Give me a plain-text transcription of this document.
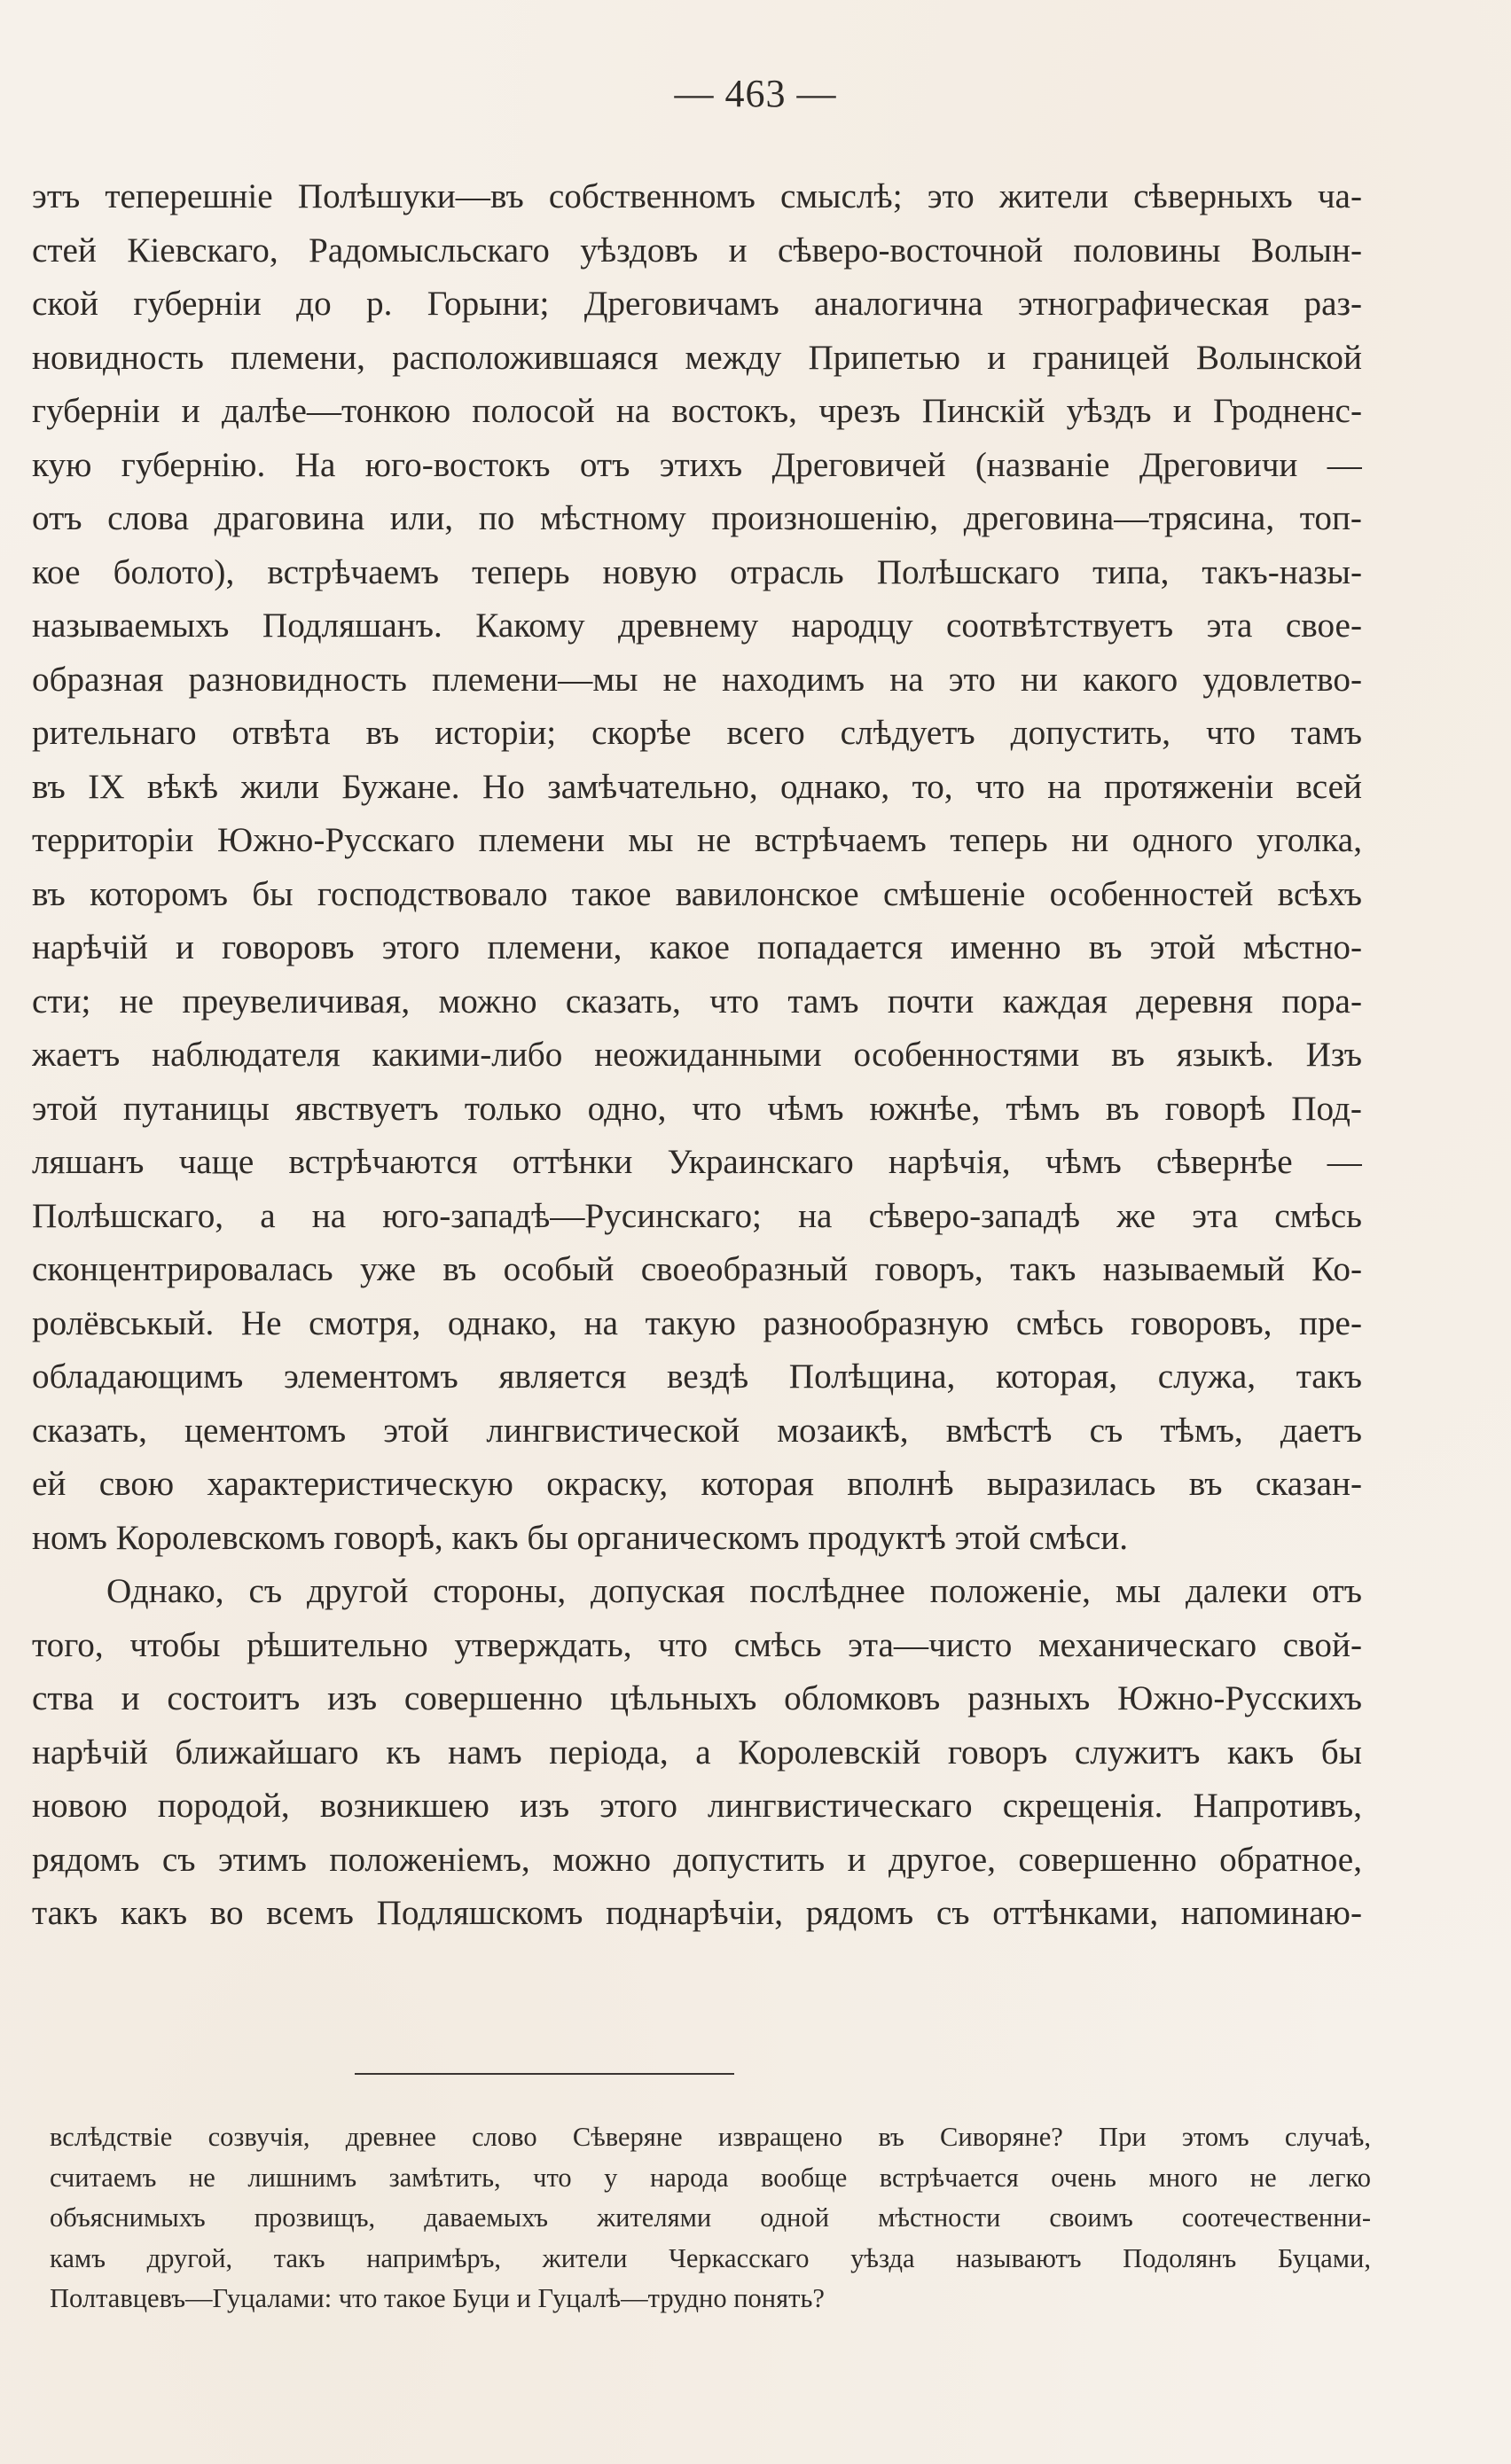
— 463 —
этъ теперешніе Полѣшуки—въ собственномъ смыслѣ; это жители сѣверныхъ ча-
стей Кіевскаго, Радомысльскаго уѣздовъ и сѣверо-восточной половины Волын-
ской губерніи до р. Горыни; Дреговичамъ аналогична этнографическая раз-
новидность племени, расположившаяся между Припетью и границей Волынской
губерніи и далѣе—тонкою полосой на востокъ, чрезъ Пинскій уѣздъ и Гродненс-
кую губернію. На юго-востокъ отъ этихъ Дреговичей (названіе Дреговичи —
отъ слова драговина или, по мѣстному произношенію, дреговина—трясина, топ-
кое болото), встрѣчаемъ теперь новую отрасль Полѣшскаго типа, такъ-назы-
называемыхъ Подляшанъ. Какому древнему народцу соотвѣтствуетъ эта свое-
образная разновидность племени—мы не находимъ на это ни какого удовлетво-
рительнаго отвѣта въ исторіи; скорѣе всего слѣдуетъ допустить, что тамъ
въ IX вѣкѣ жили Бужане. Но замѣчательно, однако, то, что на протяженіи всей
территоріи Южно-Русскаго племени мы не встрѣчаемъ теперь ни одного уголка,
въ которомъ бы господствовало такое вавилонское смѣшеніе особенностей всѣхъ
нарѣчій и говоровъ этого племени, какое попадается именно въ этой мѣстно-
сти; не преувеличивая, можно сказать, что тамъ почти каждая деревня пора-
жаетъ наблюдателя какими-либо неожиданными особенностями въ языкѣ. Изъ
этой путаницы явствуетъ только одно, что чѣмъ южнѣе, тѣмъ въ говорѣ Под-
ляшанъ чаще встрѣчаются оттѣнки Украинскаго нарѣчія, чѣмъ сѣвернѣе —
Полѣшскаго, а на юго-западѣ—Русинскаго; на сѣверо-западѣ же эта смѣсь
сконцентрировалась уже въ особый своеобразный говоръ, такъ называемый Ко-
ролёвськый. Не смотря, однако, на такую разнообразную смѣсь говоровъ, пре-
обладающимъ элементомъ является вездѣ Полѣщина, которая, служа, такъ
сказать, цементомъ этой лингвистической мозаикѣ, вмѣстѣ съ тѣмъ, даетъ
ей свою характеристическую окраску, которая вполнѣ выразилась въ сказан-
номъ Королевскомъ говорѣ, какъ бы органическомъ продуктѣ этой смѣси.
Однако, съ другой стороны, допуская послѣднее положеніе, мы далеки отъ
того, чтобы рѣшительно утверждать, что смѣсь эта—чисто механическаго свой-
ства и состоитъ изъ совершенно цѣльныхъ обломковъ разныхъ Южно-Русскихъ
нарѣчій ближайшаго къ намъ періода, а Королевскій говоръ служитъ какъ бы
новою породой, возникшею изъ этого лингвистическаго скрещенія. Напротивъ,
рядомъ съ этимъ положеніемъ, можно допустить и другое, совершенно обратное,
такъ какъ во всемъ Подляшскомъ поднарѣчіи, рядомъ съ оттѣнками, напоминаю-
вслѣдствіе созвучія, древнее слово Сѣверяне извращено въ Сиворяне? При этомъ случаѣ,
считаемъ не лишнимъ замѣтить, что у народа вообще встрѣчается очень много не легко
объяснимыхъ прозвищъ, даваемыхъ жителями одной мѣстности своимъ соотечественни-
камъ другой, такъ напримѣръ, жители Черкасскаго уѣзда называютъ Подолянъ Буцами,
Полтавцевъ—Гуцалами: что такое Буци и Гуцалѣ—трудно понять?
